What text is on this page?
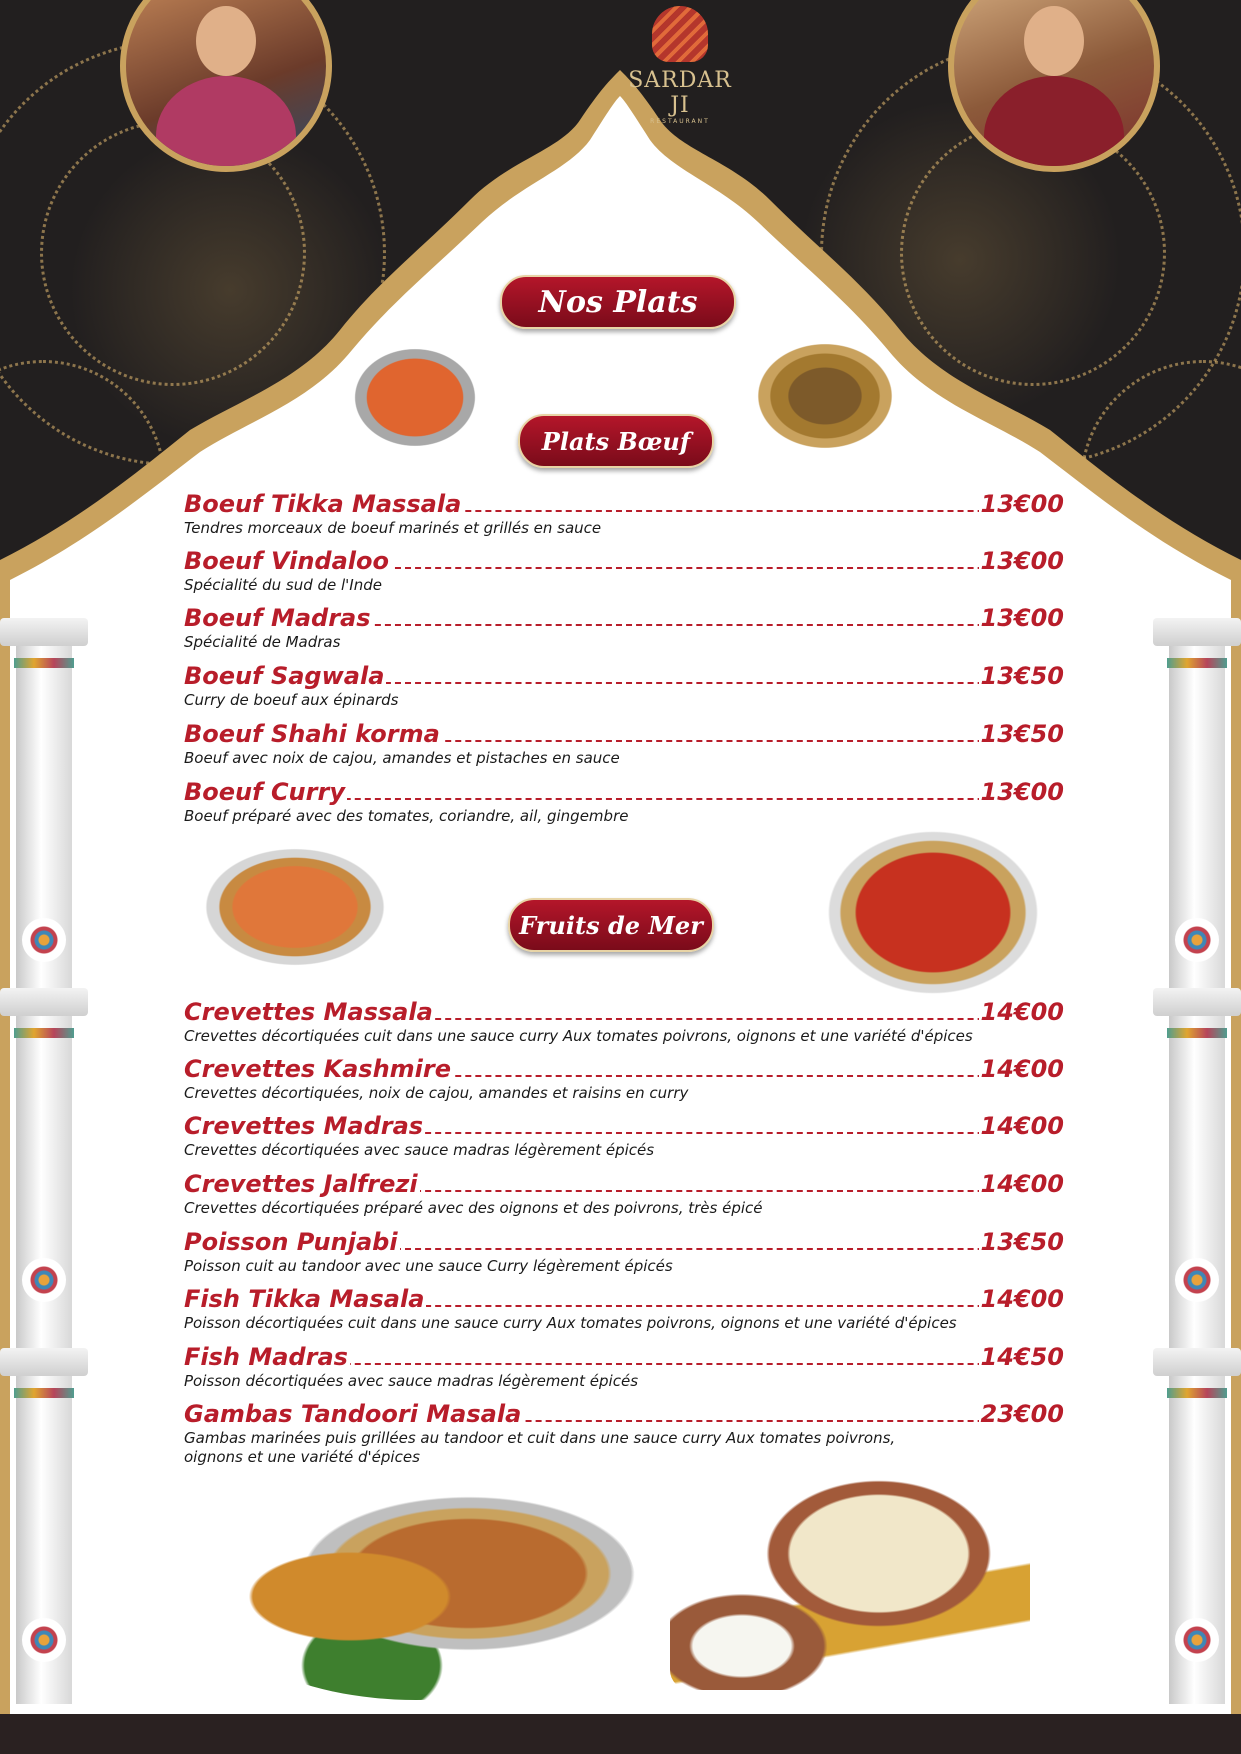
SARDAR JI
RESTAURANT
Nos Plats
Plats Bœuf
Fruits de Mer
Boeuf Tikka Massala	13€00
Tendres morceaux de boeuf marinés et grillés en sauce
Boeuf Vindaloo	13€00
Spécialité du sud de l'Inde
Boeuf Madras	13€00
Spécialité de Madras
Boeuf Sagwala	13€50
Curry de boeuf aux épinards
Boeuf Shahi korma	13€50
Boeuf avec noix de cajou, amandes et pistaches en sauce
Boeuf Curry	13€00
Boeuf préparé avec des tomates, coriandre, ail, gingembre
Crevettes Massala	14€00
Crevettes décortiquées cuit dans une sauce curry Aux tomates poivrons, oignons et une variété d'épices
Crevettes Kashmire	14€00
Crevettes décortiquées, noix de cajou, amandes et raisins en curry
Crevettes Madras	14€00
Crevettes décortiquées avec sauce madras légèrement épicés
Crevettes Jalfrezi	14€00
Crevettes décortiquées préparé avec des oignons et des poivrons, très épicé
Poisson Punjabi	13€50
Poisson cuit au tandoor avec une sauce Curry légèrement épicés
Fish Tikka Masala	14€00
Poisson décortiquées cuit dans une sauce curry Aux tomates poivrons, oignons et une variété d'épices
Fish Madras	14€50
Poisson décortiquées avec sauce madras légèrement épicés
Gambas Tandoori Masala	23€00
Gambas marinées puis grillées au tandoor et cuit dans une sauce curry Aux tomates poivrons, oignons et une variété d'épices
